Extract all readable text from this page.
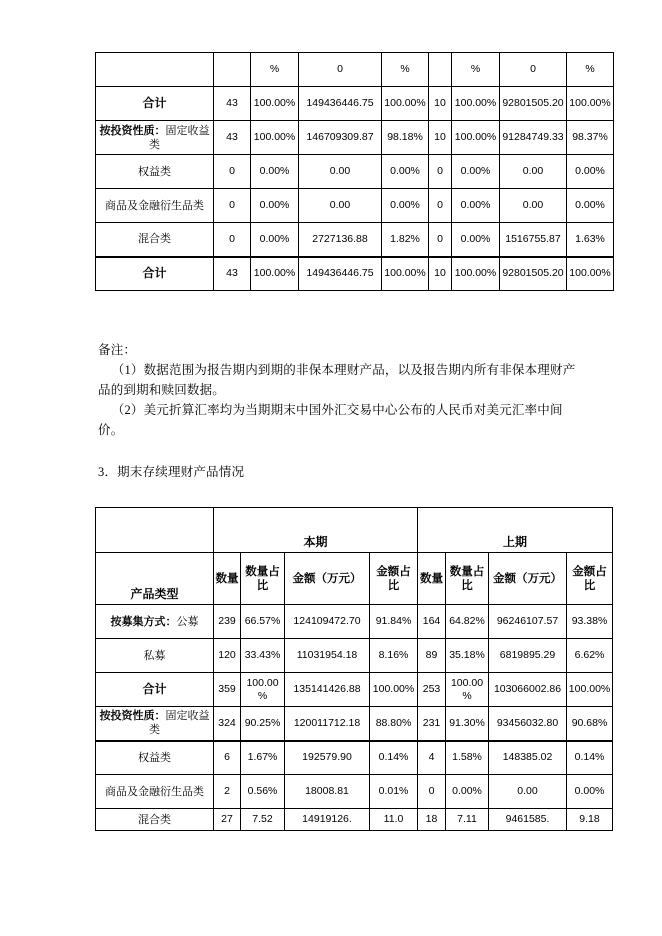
		%	0	%		%	0	%
合计	43	100.00%	149436446.75	100.00%	10	100.00%	92801505.20	100.00%
按投资性质：固定收益类	43	100.00%	146709309.87	98.18%	10	100.00%	91284749.33	98.37%
权益类	0	0.00%	0.00	0.00%	0	0.00%	0.00	0.00%
商品及金融衍生品类	0	0.00%	0.00	0.00%	0	0.00%	0.00	0.00%
混合类	0	0.00%	2727136.88	1.82%	0	0.00%	1516755.87	1.63%
合计	43	100.00%	149436446.75	100.00%	10	100.00%	92801505.20	100.00%

备注：

（1）数据范围为报告期内到期的非保本理财产品，以及报告期内所有非保本理财产品的到期和赎回数据。

（2）美元折算汇率均为当期期末中国外汇交易中心公布的人民币对美元汇率中间价。

3．期末存续理财产品情况
	本期				上期			
产品类型	数量	数量占比	金额（万元）	金额占比	数量	数量占比	金额（万元）	金额占比
按募集方式：公募	239	66.57%	124109472.70	91.84%	164	64.82%	96246107.57	93.38%
私募	120	33.43%	11031954.18	8.16%	89	35.18%	6819895.29	6.62%
合计	359	100.00%	135141426.88	100.00%	253	100.00%	103066002.86	100.00%
按投资性质：固定收益类	324	90.25%	120011712.18	88.80%	231	91.30%	93456032.80	90.68%
权益类	6	1.67%	192579.90	0.14%	4	1.58%	148385.02	0.14%
商品及金融衍生品类	2	0.56%	18008.81	0.01%	0	0.00%	0.00	0.00%
混合类	27	7.52	14919126.	11.0	18	7.11	9461585.	9.18
